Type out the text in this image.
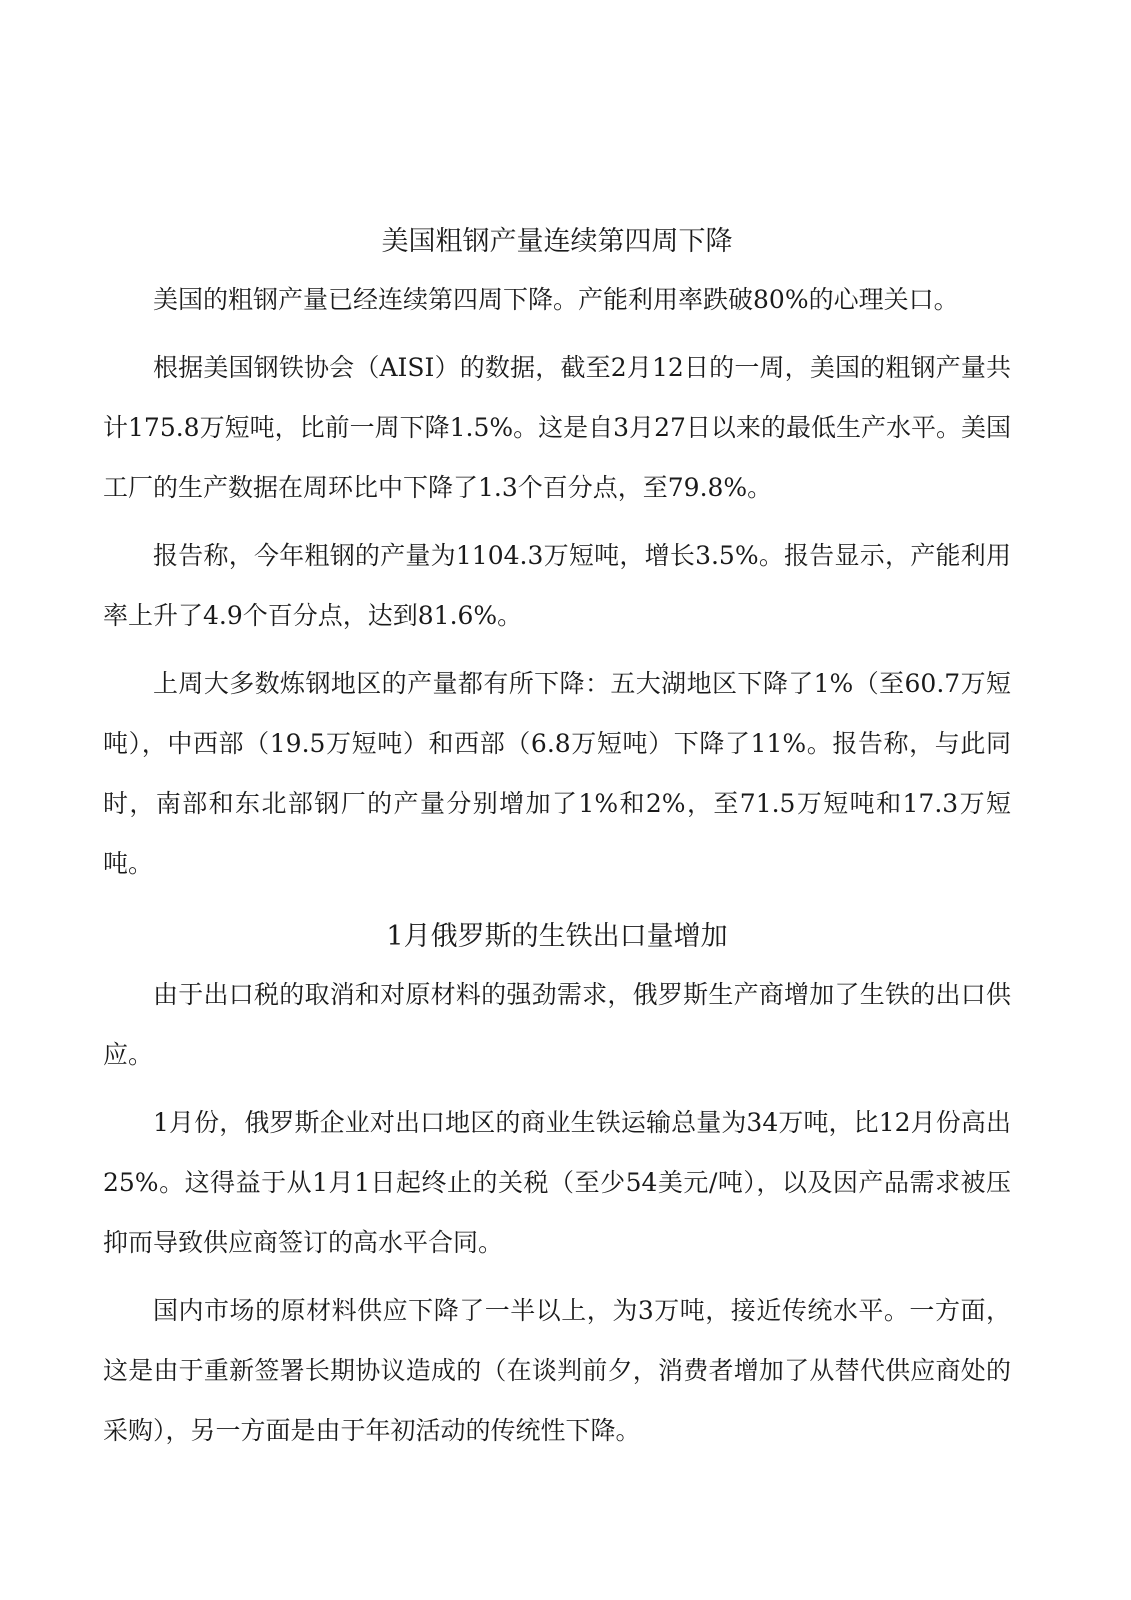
美国粗钢产量连续第四周下降

美国的粗钢产量已经连续第四周下降。产能利用率跌破80%的心理关口。

根据美国钢铁协会（AISI）的数据，截至2月12日的一周，美国的粗钢产量共计175.8万短吨，比前一周下降1.5%。这是自3月27日以来的最低生产水平。美国工厂的生产数据在周环比中下降了1.3个百分点，至79.8%。

报告称，今年粗钢的产量为1104.3万短吨，增长3.5%。报告显示，产能利用率上升了4.9个百分点，达到81.6%。

上周大多数炼钢地区的产量都有所下降：五大湖地区下降了1%（至60.7万短吨），中西部（19.5万短吨）和西部（6.8万短吨）下降了11%。报告称，与此同时，南部和东北部钢厂的产量分别增加了1%和2%，至71.5万短吨和17.3万短吨。

1月俄罗斯的生铁出口量增加

由于出口税的取消和对原材料的强劲需求，俄罗斯生产商增加了生铁的出口供应。

1月份，俄罗斯企业对出口地区的商业生铁运输总量为34万吨，比12月份高出25%。这得益于从1月1日起终止的关税（至少54美元/吨），以及因产品需求被压抑而导致供应商签订的高水平合同。

国内市场的原材料供应下降了一半以上，为3万吨，接近传统水平。一方面，这是由于重新签署长期协议造成的（在谈判前夕，消费者增加了从替代供应商处的采购），另一方面是由于年初活动的传统性下降。
